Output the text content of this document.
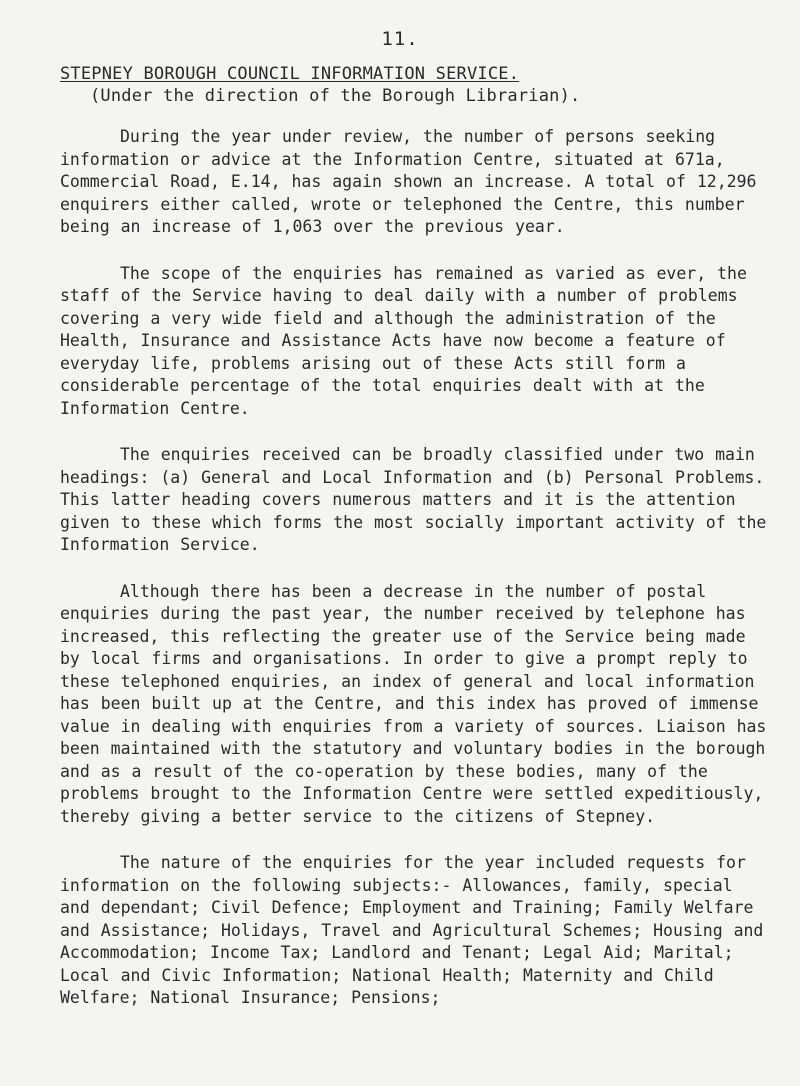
11.
STEPNEY BOROUGH COUNCIL INFORMATION SERVICE.
(Under the direction of the Borough Librarian).

During the year under review, the number of persons seeking information or advice at the Information Centre, situated at 671a, Commercial Road, E.14, has again shown an increase. A total of 12,296 enquirers either called, wrote or telephoned the Centre, this number being an increase of 1,063 over the previous year.

The scope of the enquiries has remained as varied as ever, the staff of the Service having to deal daily with a number of problems covering a very wide field and although the administration of the Health, Insurance and Assistance Acts have now become a feature of everyday life, problems arising out of these Acts still form a considerable percentage of the total enquiries dealt with at the Information Centre.

The enquiries received can be broadly classified under two main headings: (a) General and Local Information and (b) Personal Problems. This latter heading covers numerous matters and it is the attention given to these which forms the most socially important activity of the Information Service.

Although there has been a decrease in the number of postal enquiries during the past year, the number received by telephone has increased, this reflecting the greater use of the Service being made by local firms and organisations. In order to give a prompt reply to these telephoned enquiries, an index of general and local information has been built up at the Centre, and this index has proved of immense value in dealing with enquiries from a variety of sources. Liaison has been maintained with the statutory and voluntary bodies in the borough and as a result of the co-operation by these bodies, many of the problems brought to the Information Centre were settled expeditiously, thereby giving a better service to the citizens of Stepney.

The nature of the enquiries for the year included requests for information on the following subjects:- Allowances, family, special and dependant; Civil Defence; Employment and Training; Family Welfare and Assistance; Holidays, Travel and Agricultural Schemes; Housing and Accommodation; Income Tax; Landlord and Tenant; Legal Aid; Marital; Local and Civic Information; National Health; Maternity and Child Welfare; National Insurance; Pensions;
